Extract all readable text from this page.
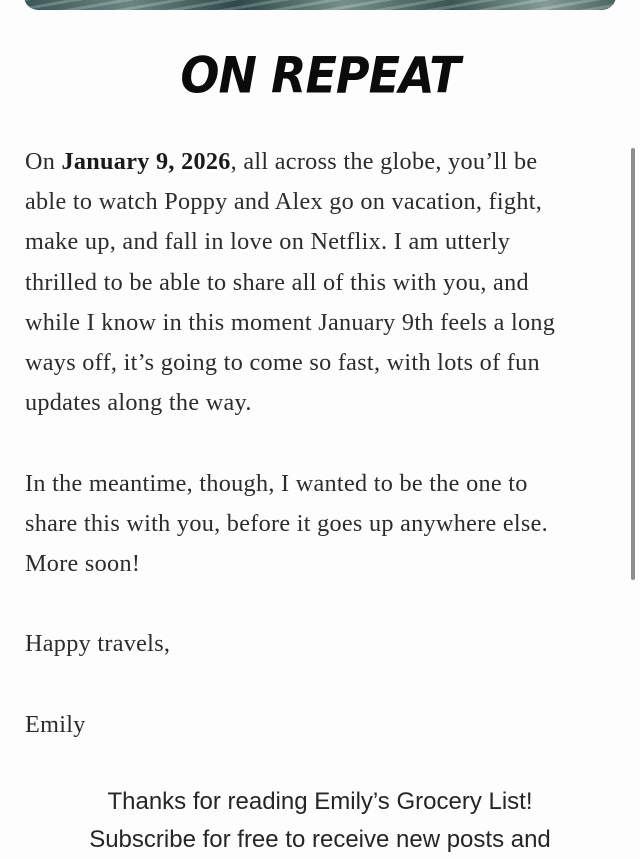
ON REPEAT
On January 9, 2026, all across the globe, you’ll be
able to watch Poppy and Alex go on vacation, fight,
make up, and fall in love on Netflix. I am utterly
thrilled to be able to share all of this with you, and
while I know in this moment January 9th feels a long
ways off, it’s going to come so fast, with lots of fun
updates along the way.
In the meantime, though, I wanted to be the one to
share this with you, before it goes up anywhere else.
More soon!
Happy travels,
Emily
Thanks for reading Emily’s Grocery List!
Subscribe for free to receive new posts and
